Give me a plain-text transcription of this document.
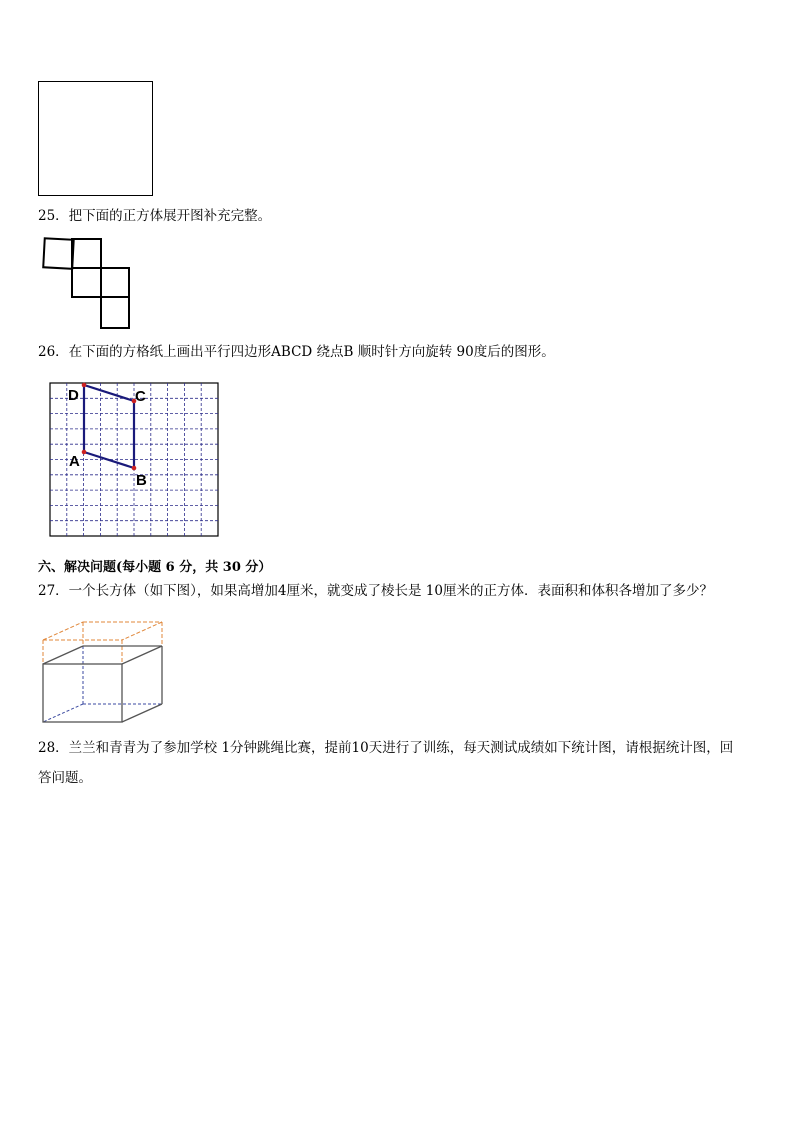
25．把下面的正方体展开图补充完整。
26．在下面的方格纸上画出平行四边形ABCD 绕点B 顺时针方向旋转 90度后的图形。
A
B
C
D
六、解决问题(每小题 6 分，共 30 分）
27．一个长方体（如下图），如果高增加4厘米，就变成了棱长是 10厘米的正方体．表面积和体积各增加了多少？
28．兰兰和青青为了参加学校 1分钟跳绳比赛，提前10天进行了训练，每天测试成绩如下统计图，请根据统计图，回
答问题。
